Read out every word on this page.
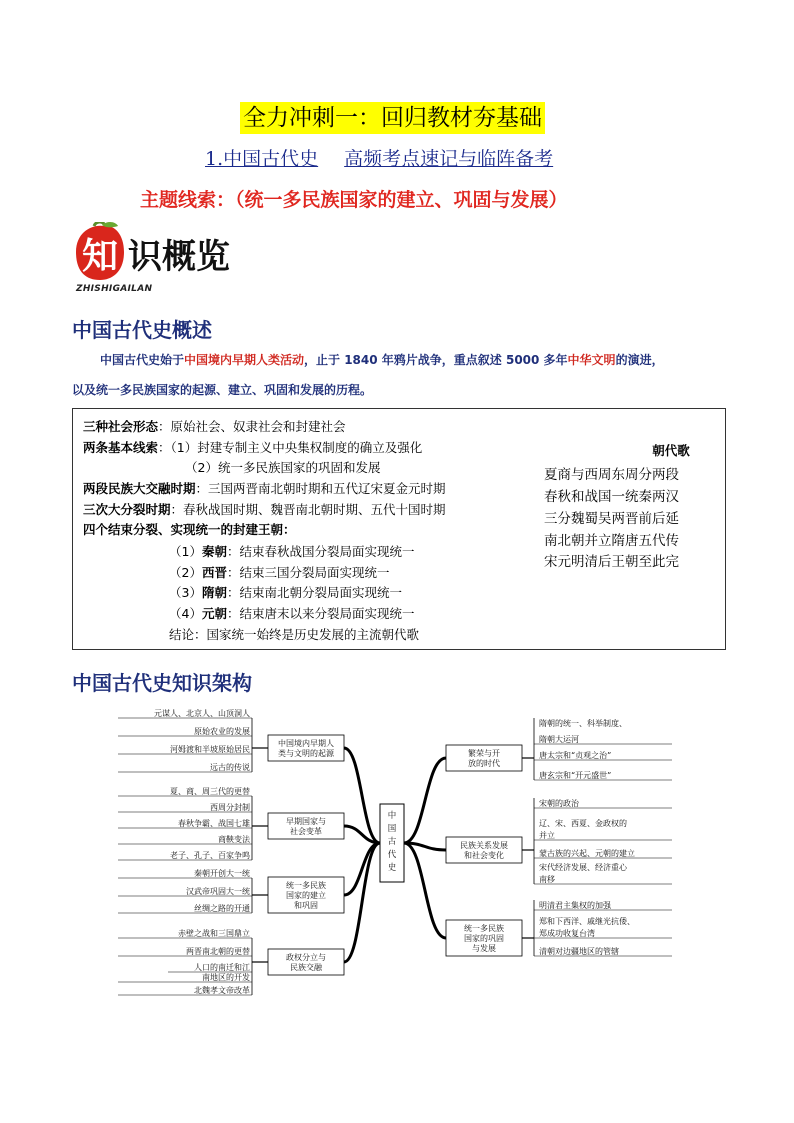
全力冲刺一：回归教材夯基础
1.中国古代史 高频考点速记与临阵备考
主题线索：（统一多民族国家的建立、巩固与发展）
知 识概览
ZHISHIGAILAN
中国古代史概述
中国古代史始于中国境内早期人类活动，止于 1840 年鸦片战争，重点叙述 5000 多年中华文明的演进，
以及统一多民族国家的起源、建立、巩固和发展的历程。
三种社会形态：原始社会、奴隶社会和封建社会
两条基本线索：（1）封建专制主义中央集权制度的确立及强化
（2）统一多民族国家的巩固和发展
两段民族大交融时期：三国两晋南北朝时期和五代辽宋夏金元时期
三次大分裂时期：春秋战国时期、魏晋南北朝时期、五代十国时期
四个结束分裂、实现统一的封建王朝：
（1）秦朝：结束春秋战国分裂局面实现统一
（2）西晋：结束三国分裂局面实现统一
（3）隋朝：结束南北朝分裂局面实现统一
（4）元朝：结束唐末以来分裂局面实现统一
结论：国家统一始终是历史发展的主流朝代歌
朝代歌
夏商与西周东周分两段
春秋和战国一统秦两汉
三分魏蜀吴两晋前后延
南北朝并立隋唐五代传
宋元明清后王朝至此完
中国古代史知识架构
中
国
古
代
史
中国境内早期人
类与文明的起源
元谋人、北京人、山顶洞人
原始农业的发展
河姆渡和半坡原始居民
远古的传说
早期国家与
社会变革
夏、商、周三代的更替
西周分封制
春秋争霸、战国七雄
商鞅变法
老子、孔子、百家争鸣
统一多民族
国家的建立
和巩固
秦朝开创大一统
汉武帝巩固大一统
丝绸之路的开通
政权分立与
民族交融
赤壁之战和三国鼎立
两晋南北朝的更替
人口的南迁和江
南地区的开发
北魏孝文帝改革
繁荣与开
放的时代
隋朝的统一、科举制度、
隋朝大运河
唐太宗和“贞观之治”
唐玄宗和“开元盛世”
民族关系发展
和社会变化
宋朝的政治
辽、宋、西夏、金政权的
并立
蒙古族的兴起、元朝的建立
宋代经济发展、经济重心
南移
统一多民族
国家的巩固
与发展
明清君主集权的加强
郑和下西洋、戚继光抗倭、
郑成功收复台湾
清朝对边疆地区的管辖
